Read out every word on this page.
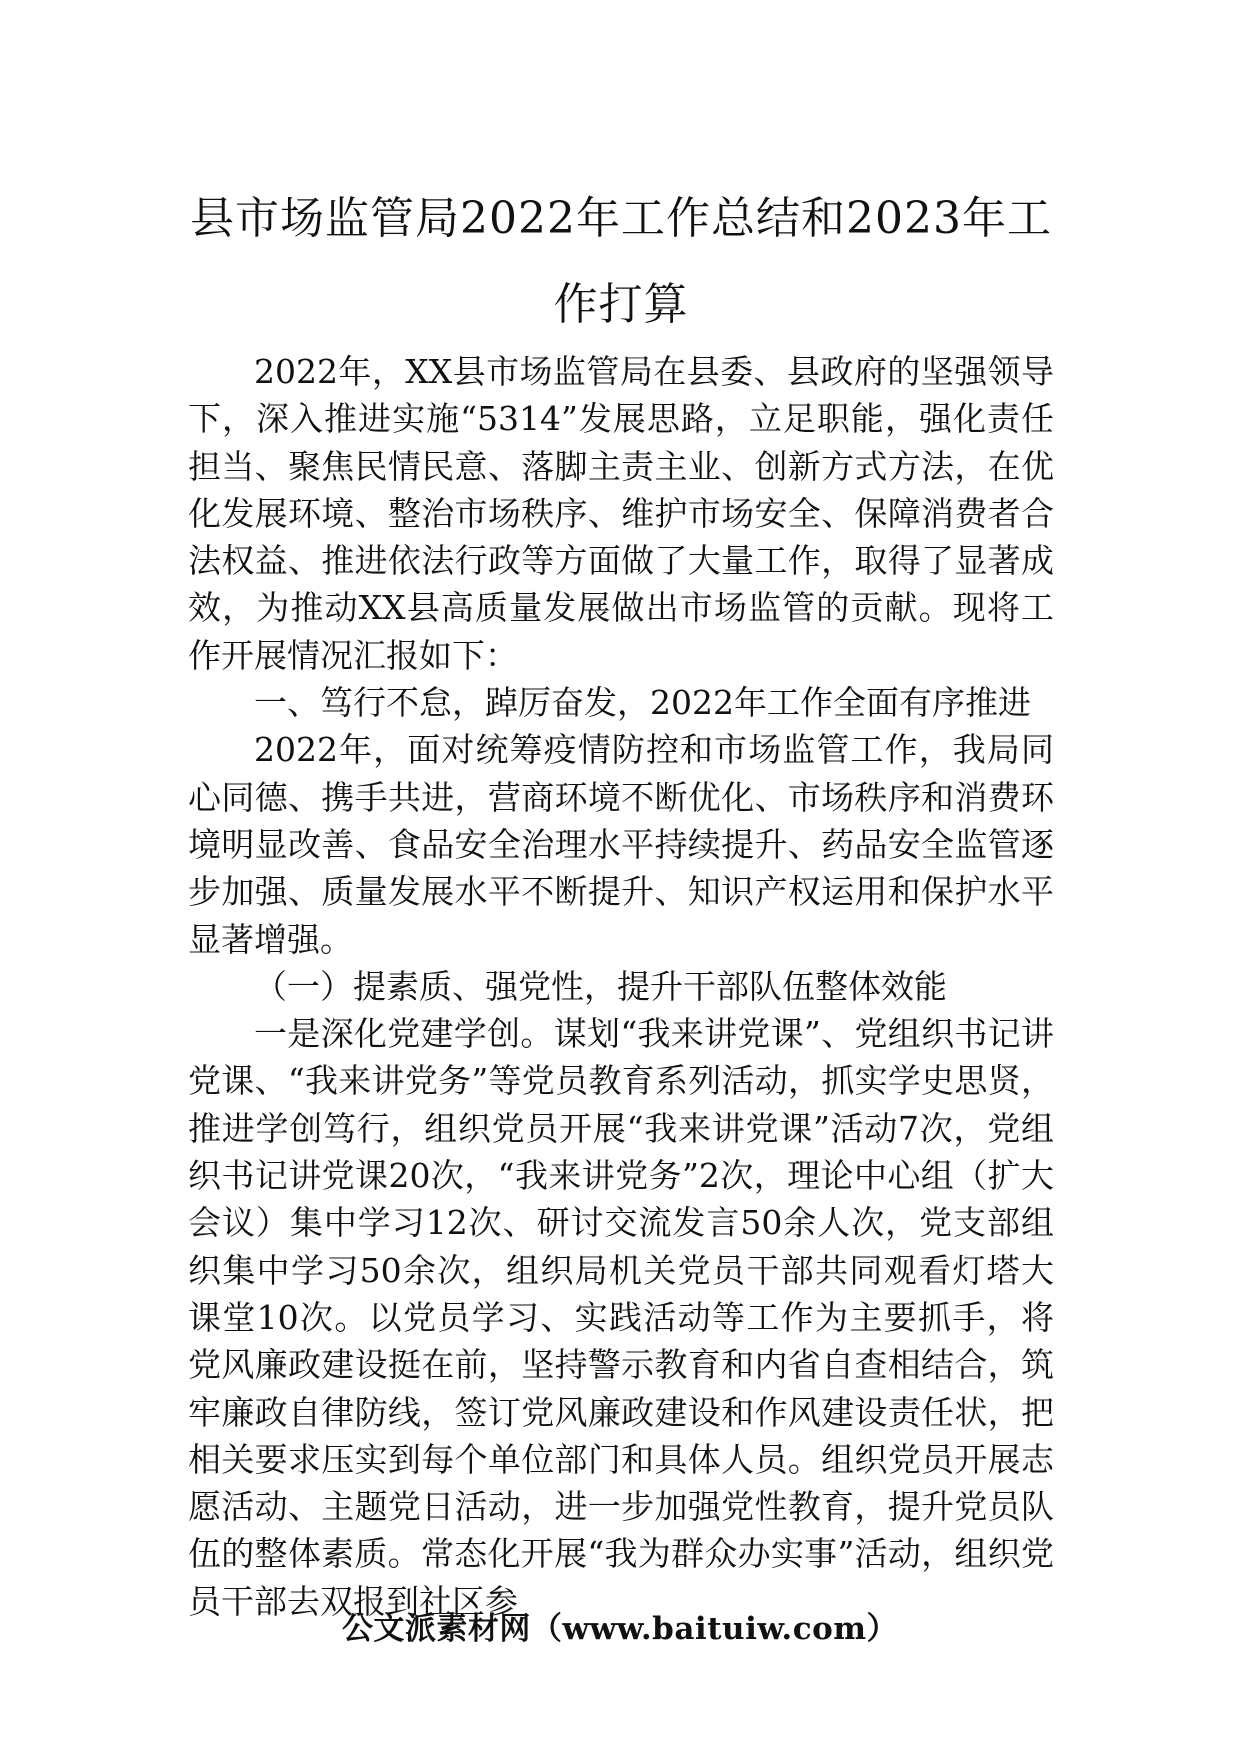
县市场监管局2022年工作总结和2023年工
作打算

2022年，XX县市场监管局在县委、县政府的坚强领导下，深入推进实施“5314”发展思路，立足职能，强化责任担当、聚焦民情民意、落脚主责主业、创新方式方法，在优化发展环境、整治市场秩序、维护市场安全、保障消费者合法权益、推进依法行政等方面做了大量工作，取得了显著成效，为推动XX县高质量发展做出市场监管的贡献。现将工作开展情况汇报如下：

一、笃行不怠，踔厉奋发，2022年工作全面有序推进

2022年，面对统筹疫情防控和市场监管工作，我局同心同德、携手共进，营商环境不断优化、市场秩序和消费环境明显改善、食品安全治理水平持续提升、药品安全监管逐步加强、质量发展水平不断提升、知识产权运用和保护水平显著增强。

（一）提素质、强党性，提升干部队伍整体效能

一是深化党建学创。谋划“我来讲党课”、党组织书记讲党课、“我来讲党务”等党员教育系列活动，抓实学史思贤，推进学创笃行，组织党员开展“我来讲党课”活动7次，党组织书记讲党课20次，“我来讲党务”2次，理论中心组（扩大会议）集中学习12次、研讨交流发言50余人次，党支部组织集中学习50余次，组织局机关党员干部共同观看灯塔大课堂10次。以党员学习、实践活动等工作为主要抓手，将党风廉政建设挺在前，坚持警示教育和内省自查相结合，筑牢廉政自律防线，签订党风廉政建设和作风建设责任状，把相关要求压实到每个单位部门和具体人员。组织党员开展志愿活动、主题党日活动，进一步加强党性教育，提升党员队伍的整体素质。常态化开展“我为群众办实事”活动，组织党员干部去双报到社区参

公文派素材网（www.baituiw.com）
